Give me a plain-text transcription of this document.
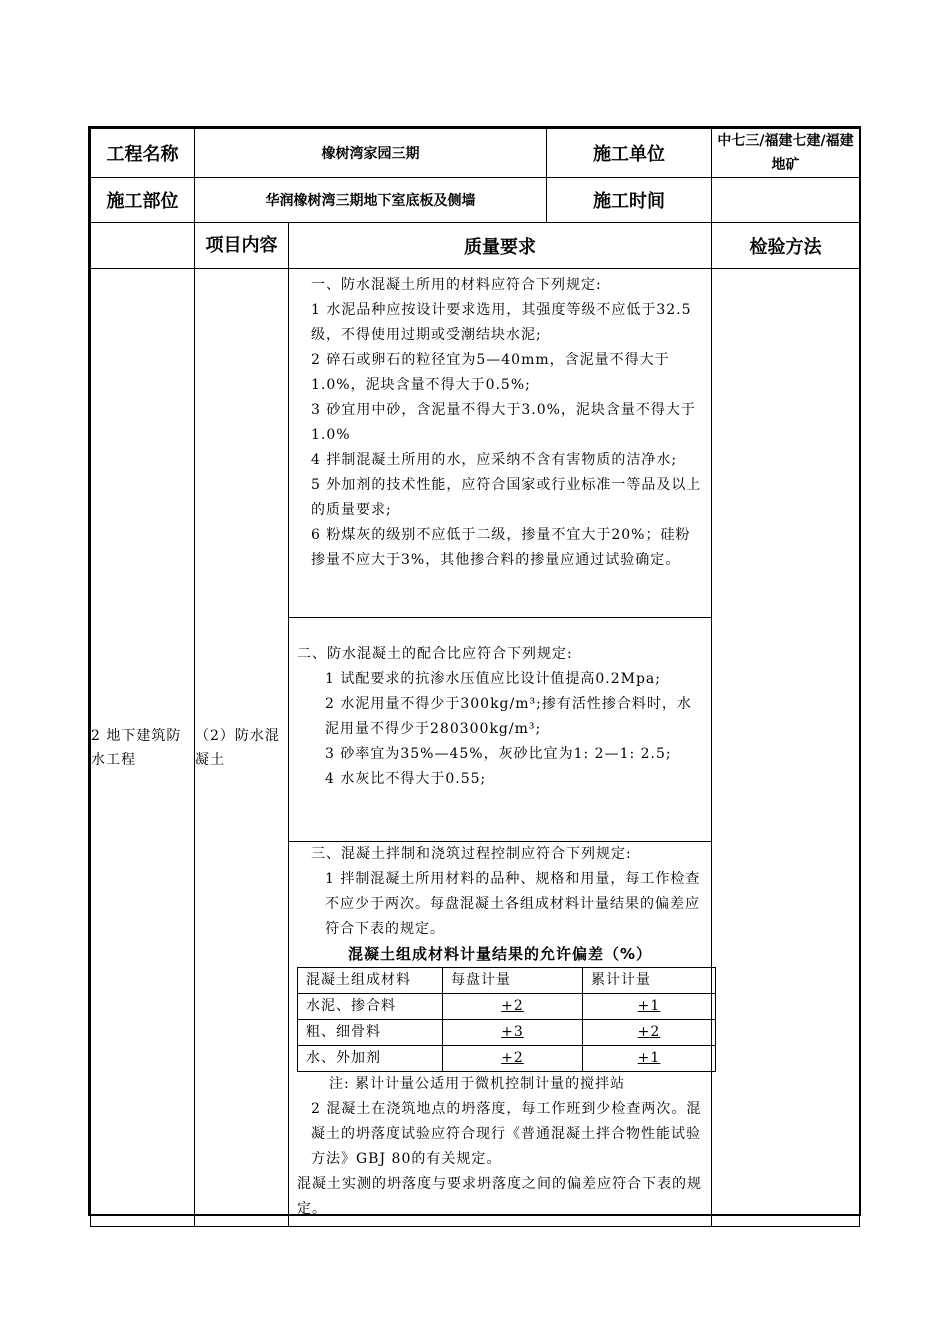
工程名称	橡树湾家园三期	施工单位	中七三/福建七建/福建地矿
施工部位	华润橡树湾三期地下室底板及侧墙	施工时间	
	项目内容	质量要求	检验方法
2 地下建筑防水工程	（2）防水混凝土	

一、防水混凝土所用的材料应符合下列规定:

1 水泥品种应按设计要求选用，其强度等级不应低于32.5级，不得使用过期或受潮结块水泥;

2 碎石或卵石的粒径宜为5—40mm，含泥量不得大于1.0%，泥块含量不得大于0.5%;

3 砂宜用中砂，含泥量不得大于3.0%，泥块含量不得大于1.0%

4 拌制混凝土所用的水，应采纳不含有害物质的洁净水;

5 外加剂的技术性能，应符合国家或行业标准一等品及以上的质量要求;

6 粉煤灰的级别不应低于二级，掺量不宜大于20%；硅粉掺量不应大于3%，其他掺合料的掺量应通过试验确定。

二、防水混凝土的配合比应符合下列规定:

1 试配要求的抗渗水压值应比设计值提高0.2Mpa;

2 水泥用量不得少于300kg/m³;掺有活性掺合料时，水泥用量不得少于280300kg/m³;

3 砂率宜为35%—45%，灰砂比宜为1: 2—1: 2.5;

4 水灰比不得大于0.55;

三、混凝土拌制和浇筑过程控制应符合下列规定:

1 拌制混凝土所用材料的品种、规格和用量，每工作检查不应少于两次。每盘混凝土各组成材料计量结果的偏差应符合下表的规定。

混凝土组成材料计量结果的允许偏差（%）

混凝土组成材料	每盘计量	累计计量
水泥、掺合料	+2	+1
粗、细骨料	+3	+2
水、外加剂	+2	+1

注: 累计计量公适用于微机控制计量的搅拌站

2 混凝土在浇筑地点的坍落度，每工作班到少检查两次。混凝土的坍落度试验应符合现行《普通混凝土拌合物性能试验方法》GBJ 80的有关规定。

混凝土实测的坍落度与要求坍落度之间的偏差应符合下表的规定。
